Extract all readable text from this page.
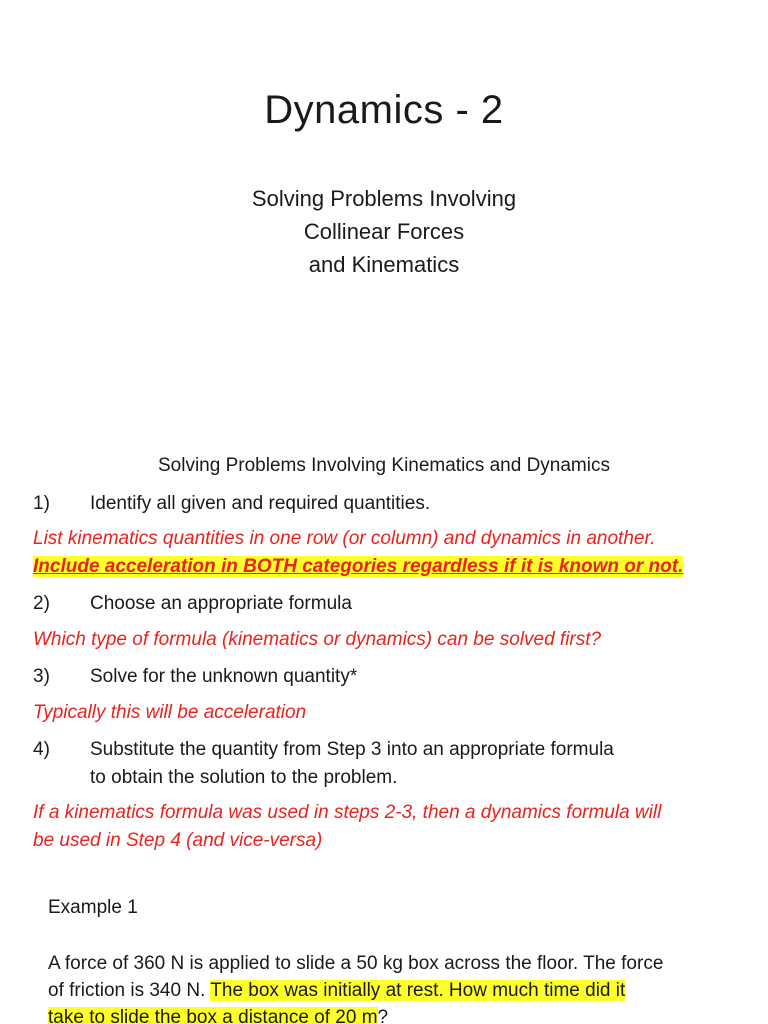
Dynamics - 2
Solving Problems Involving
Collinear Forces
and Kinematics
Solving Problems Involving Kinematics and Dynamics
1) Identify all given and required quantities.
List kinematics quantities in one row (or column) and dynamics in another.
Include acceleration in BOTH categories regardless if it is known or not.
2) Choose an appropriate formula
Which type of formula (kinematics or dynamics) can be solved first?
3) Solve for the unknown quantity*
Typically this will be acceleration
4) Substitute the quantity from Step 3 into an appropriate formula
to obtain the solution to the problem.
If a kinematics formula was used in steps 2-3, then a dynamics formula will
be used in Step 4 (and vice-versa)
Example 1
A force of 360 N is applied to slide a 50 kg box across the floor. The force
of friction is 340 N. The box was initially at rest. How much time did it
take to slide the box a distance of 20 m?
